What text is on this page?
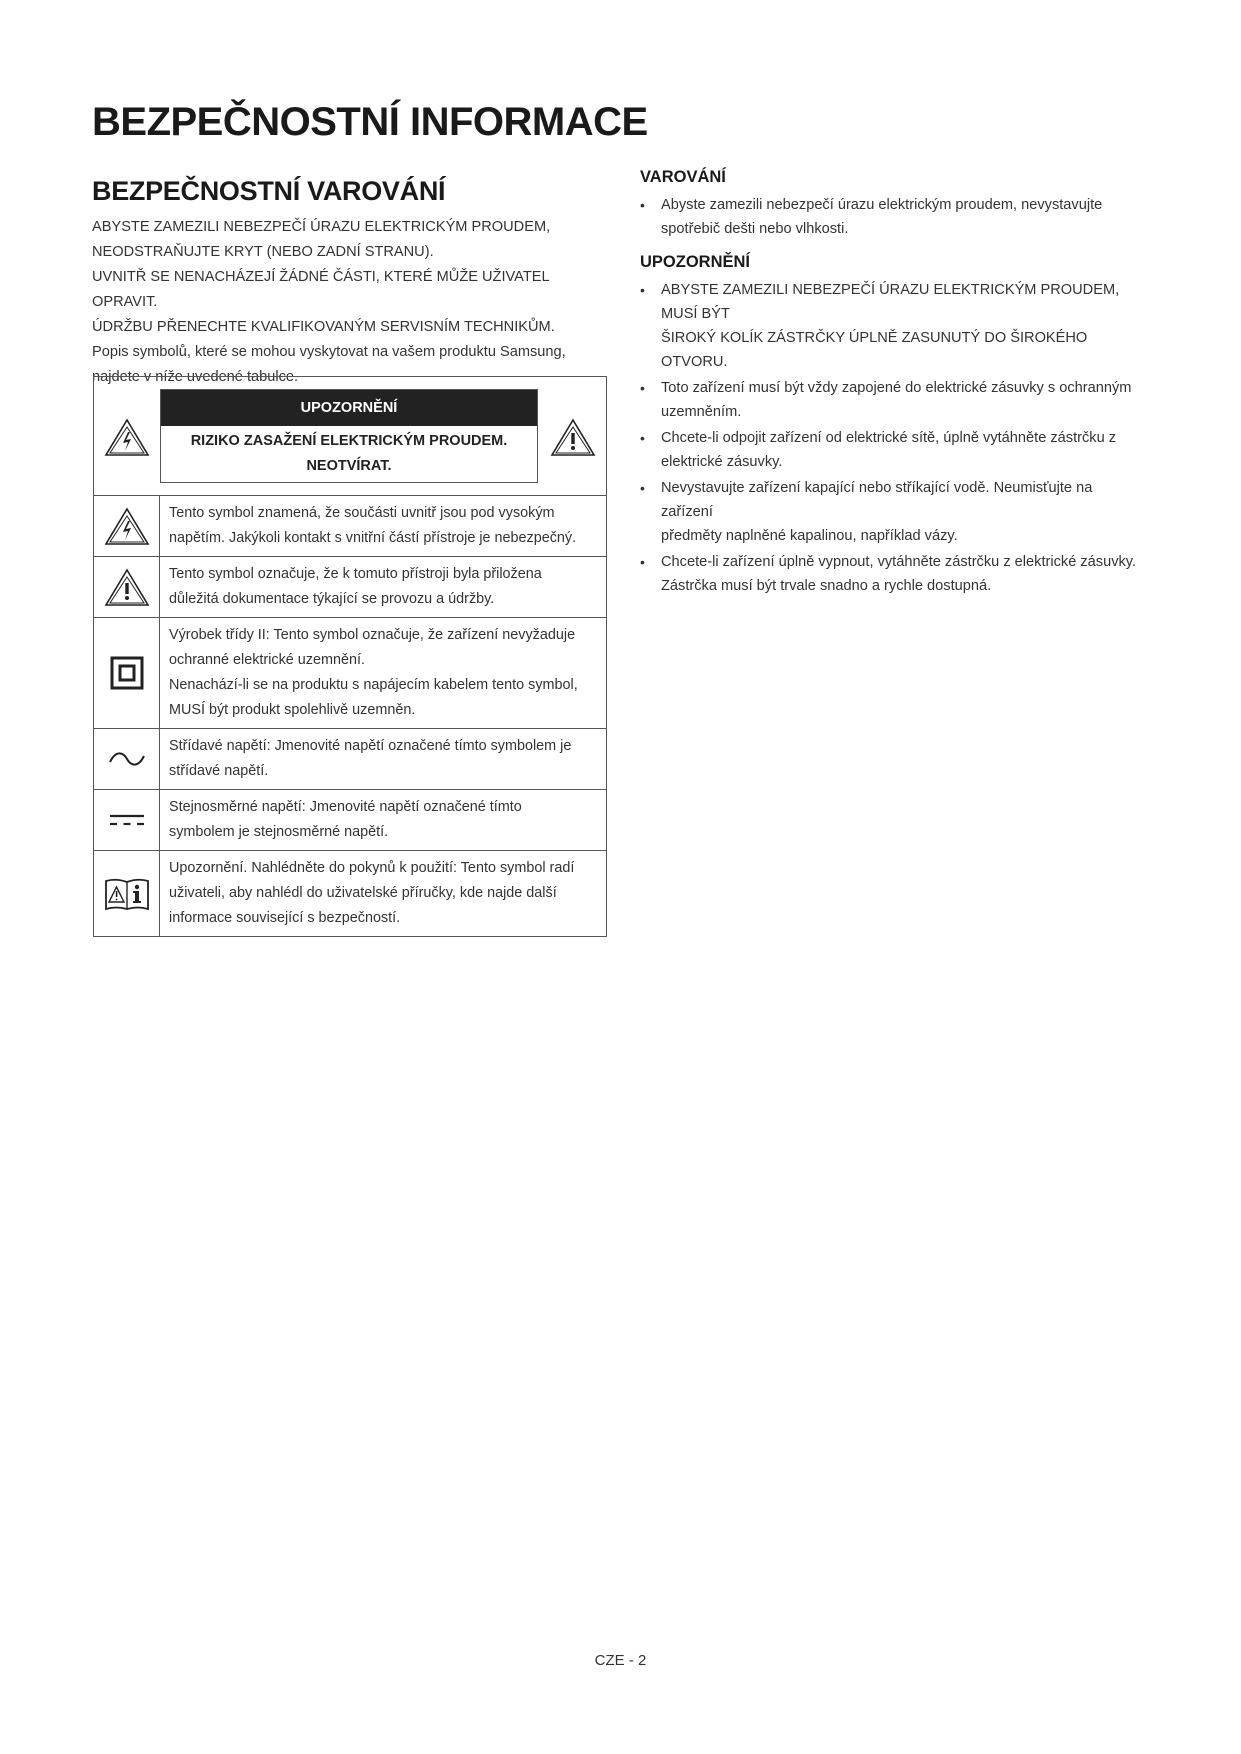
BEZPEČNOSTNÍ INFORMACE
BEZPEČNOSTNÍ VAROVÁNÍ

ABYSTE ZAMEZILI NEBEZPEČÍ ÚRAZU ELEKTRICKÝM PROUDEM,

NEODSTRAŇUJTE KRYT (NEBO ZADNÍ STRANU).

UVNITŘ SE NENACHÁZEJÍ ŽÁDNÉ ČÁSTI, KTERÉ MŮŽE UŽIVATEL OPRAVIT.

ÚDRŽBU PŘENECHTE KVALIFIKOVANÝM SERVISNÍM TECHNIKŮM.

Popis symbolů, které se mohou vyskytovat na vašem produktu Samsung,

najdete v níže uvedené tabulce.

UPOZORNĚNÍ
RIZIKO ZASAŽENÍ ELEKTRICKÝM PROUDEM.
NEOTVÍRAT.

Tento symbol znamená, že součásti uvnitř jsou pod vysokým

napětím. Jakýkoli kontakt s vnitřní částí přístroje je nebezpečný.

Tento symbol označuje, že k tomuto přístroji byla přiložena

důležitá dokumentace týkající se provozu a údržby.

Výrobek třídy II: Tento symbol označuje, že zařízení nevyžaduje

ochranné elektrické uzemnění.

Nenachází-li se na produktu s napájecím kabelem tento symbol,

MUSÍ být produkt spolehlivě uzemněn.

Střídavé napětí: Jmenovité napětí označené tímto symbolem je

střídavé napětí.

Stejnosměrné napětí: Jmenovité napětí označené tímto

symbolem je stejnosměrné napětí.

Upozornění. Nahlédněte do pokynů k použití: Tento symbol radí

uživateli, aby nahlédl do uživatelské příručky, kde najde další

informace související s bezpečností.

VAROVÁNÍ
• Abyste zamezili nebezpečí úrazu elektrickým proudem, nevystavujte
spotřebič dešti nebo vlhkosti.
UPOZORNĚNÍ
• ABYSTE ZAMEZILI NEBEZPEČÍ ÚRAZU ELEKTRICKÝM PROUDEM, MUSÍ BÝT
ŠIROKÝ KOLÍK ZÁSTRČKY ÚPLNĚ ZASUNUTÝ DO ŠIROKÉHO OTVORU.
• Toto zařízení musí být vždy zapojené do elektrické zásuvky s ochranným
uzemněním.
• Chcete-li odpojit zařízení od elektrické sítě, úplně vytáhněte zástrčku z
elektrické zásuvky.
• Nevystavujte zařízení kapající nebo stříkající vodě. Neumisťujte na zařízení
předměty naplněné kapalinou, například vázy.
• Chcete-li zařízení úplně vypnout, vytáhněte zástrčku z elektrické zásuvky.
Zástrčka musí být trvale snadno a rychle dostupná.
CZE - 2
